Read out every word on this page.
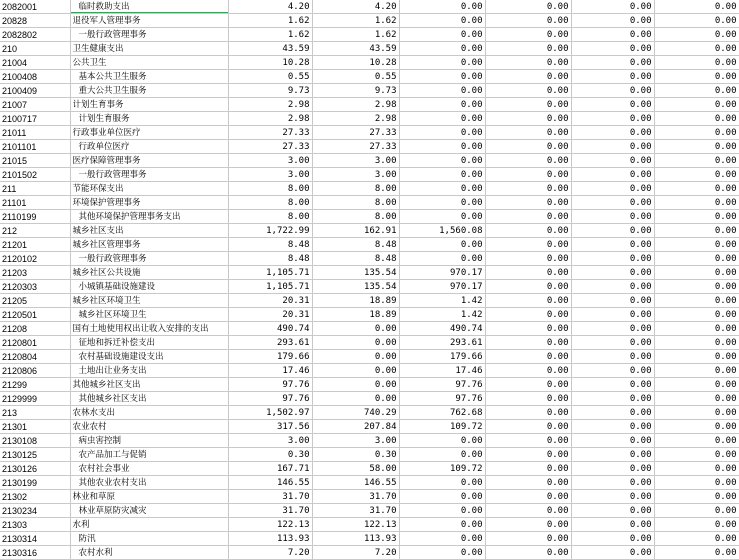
2082001	临时救助支出	4.20	4.20	0.00	0.00	0.00	0.00
20828	退役军人管理事务	1.62	1.62	0.00	0.00	0.00	0.00
2082802	一般行政管理事务	1.62	1.62	0.00	0.00	0.00	0.00
210	卫生健康支出	43.59	43.59	0.00	0.00	0.00	0.00
21004	公共卫生	10.28	10.28	0.00	0.00	0.00	0.00
2100408	基本公共卫生服务	0.55	0.55	0.00	0.00	0.00	0.00
2100409	重大公共卫生服务	9.73	9.73	0.00	0.00	0.00	0.00
21007	计划生育事务	2.98	2.98	0.00	0.00	0.00	0.00
2100717	计划生育服务	2.98	2.98	0.00	0.00	0.00	0.00
21011	行政事业单位医疗	27.33	27.33	0.00	0.00	0.00	0.00
2101101	行政单位医疗	27.33	27.33	0.00	0.00	0.00	0.00
21015	医疗保障管理事务	3.00	3.00	0.00	0.00	0.00	0.00
2101502	一般行政管理事务	3.00	3.00	0.00	0.00	0.00	0.00
211	节能环保支出	8.00	8.00	0.00	0.00	0.00	0.00
21101	环境保护管理事务	8.00	8.00	0.00	0.00	0.00	0.00
2110199	其他环境保护管理事务支出	8.00	8.00	0.00	0.00	0.00	0.00
212	城乡社区支出	1,722.99	162.91	1,560.08	0.00	0.00	0.00
21201	城乡社区管理事务	8.48	8.48	0.00	0.00	0.00	0.00
2120102	一般行政管理事务	8.48	8.48	0.00	0.00	0.00	0.00
21203	城乡社区公共设施	1,105.71	135.54	970.17	0.00	0.00	0.00
2120303	小城镇基础设施建设	1,105.71	135.54	970.17	0.00	0.00	0.00
21205	城乡社区环境卫生	20.31	18.89	1.42	0.00	0.00	0.00
2120501	城乡社区环境卫生	20.31	18.89	1.42	0.00	0.00	0.00
21208	国有土地使用权出让收入安排的支出	490.74	0.00	490.74	0.00	0.00	0.00
2120801	征地和拆迁补偿支出	293.61	0.00	293.61	0.00	0.00	0.00
2120804	农村基础设施建设支出	179.66	0.00	179.66	0.00	0.00	0.00
2120806	土地出让业务支出	17.46	0.00	17.46	0.00	0.00	0.00
21299	其他城乡社区支出	97.76	0.00	97.76	0.00	0.00	0.00
2129999	其他城乡社区支出	97.76	0.00	97.76	0.00	0.00	0.00
213	农林水支出	1,502.97	740.29	762.68	0.00	0.00	0.00
21301	农业农村	317.56	207.84	109.72	0.00	0.00	0.00
2130108	病虫害控制	3.00	3.00	0.00	0.00	0.00	0.00
2130125	农产品加工与促销	0.30	0.30	0.00	0.00	0.00	0.00
2130126	农村社会事业	167.71	58.00	109.72	0.00	0.00	0.00
2130199	其他农业农村支出	146.55	146.55	0.00	0.00	0.00	0.00
21302	林业和草原	31.70	31.70	0.00	0.00	0.00	0.00
2130234	林业草原防灾减灾	31.70	31.70	0.00	0.00	0.00	0.00
21303	水利	122.13	122.13	0.00	0.00	0.00	0.00
2130314	防汛	113.93	113.93	0.00	0.00	0.00	0.00
2130316	农村水利	7.20	7.20	0.00	0.00	0.00	0.00
